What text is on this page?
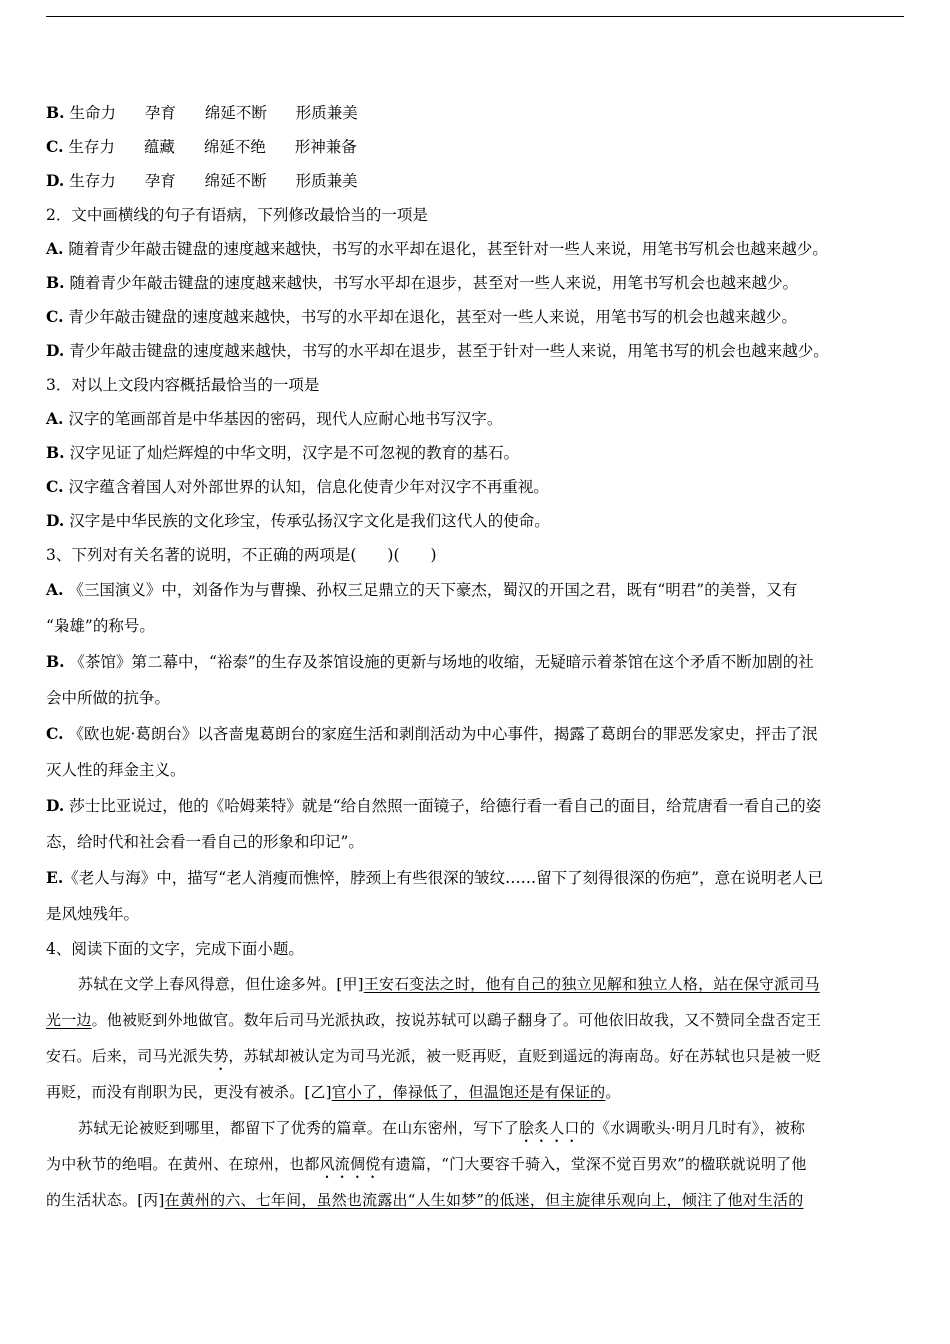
B. 生命力 孕育 绵延不断 形质兼美
C. 生存力 蕴藏 绵延不绝 形神兼备
D. 生存力 孕育 绵延不断 形质兼美
2．文中画横线的句子有语病，下列修改最恰当的一项是
A. 随着青少年敲击键盘的速度越来越快，书写的水平却在退化，甚至针对一些人来说，用笔书写机会也越来越少。
B. 随着青少年敲击键盘的速度越来越快，书写水平却在退步，甚至对一些人来说，用笔书写机会也越来越少。
C. 青少年敲击键盘的速度越来越快，书写的水平却在退化，甚至对一些人来说，用笔书写的机会也越来越少。
D. 青少年敲击键盘的速度越来越快，书写的水平却在退步，甚至于针对一些人来说，用笔书写的机会也越来越少。
3．对以上文段内容概括最恰当的一项是
A. 汉字的笔画部首是中华基因的密码，现代人应耐心地书写汉字。
B. 汉字见证了灿烂辉煌的中华文明，汉字是不可忽视的教育的基石。
C. 汉字蕴含着国人对外部世界的认知，信息化使青少年对汉字不再重视。
D. 汉字是中华民族的文化珍宝，传承弘扬汉字文化是我们这代人的使命。
3、下列对有关名著的说明，不正确的两项是(　　)(　　)
A. 《三国演义》中，刘备作为与曹操、孙权三足鼎立的天下豪杰，蜀汉的开国之君，既有“明君”的美誉，又有
“枭雄”的称号。
B. 《茶馆》第二幕中，“裕泰”的生存及茶馆设施的更新与场地的收缩，无疑暗示着茶馆在这个矛盾不断加剧的社
会中所做的抗争。
C. 《欧也妮·葛朗台》以吝啬鬼葛朗台的家庭生活和剥削活动为中心事件，揭露了葛朗台的罪恶发家史，抨击了泯
灭人性的拜金主义。
D. 莎士比亚说过，他的《哈姆莱特》就是“给自然照一面镜子，给德行看一看自己的面目，给荒唐看一看自己的姿
态，给时代和社会看一看自己的形象和印记”。
E.《老人与海》中，描写“老人消瘦而憔悴，脖颈上有些很深的皱纹……留下了刻得很深的伤疤”，意在说明老人已
是风烛残年。
4、阅读下面的文字，完成下面小题。
苏轼在文学上春风得意，但仕途多舛。[甲]王安石变法之时，他有自己的独立见解和独立人格，站在保守派司马
光一边。他被贬到外地做官。数年后司马光派执政，按说苏轼可以鷂子翻身了。可他依旧故我，又不赞同全盘否定王
安石。后来，司马光派失势，苏轼却被认定为司马光派，被一贬再贬，直贬到遥远的海南岛。好在苏轼也只是被一贬
再贬，而没有削职为民，更没有被杀。[乙]官小了，俸禄低了，但温饱还是有保证的。
苏轼无论被贬到哪里，都留下了优秀的篇章。在山东密州，写下了脍炙人口的《水调歌头·明月几时有》，被称
为中秋节的绝唱。在黄州、在琼州，也都风流倜傥有遗篇，“门大要容千骑入，堂深不觉百男欢”的楹联就说明了他
的生活状态。[丙]在黄州的六、七年间，虽然也流露出“人生如梦”的低迷，但主旋律乐观向上，倾注了他对生活的
